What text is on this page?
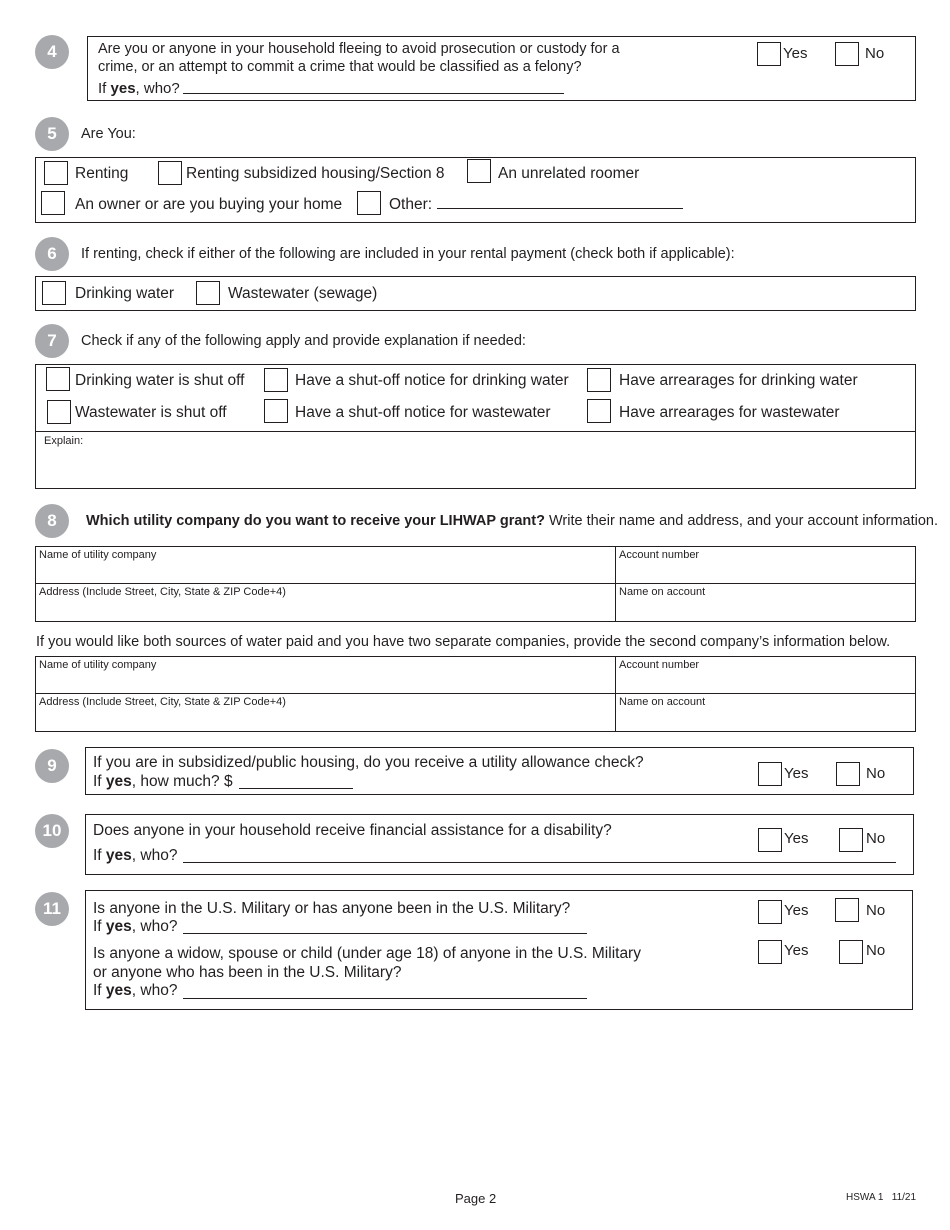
4	Are you or anyone in your household fleeing to avoid prosecution or custody for a
crime, or an attempt to commit a crime that would be classified as a felony?
If yes, who?
Yes	No
5	Are You:
Renting	Renting subsidized housing/Section 8	An unrelated roomer
An owner or are you buying your home	Other:
6	If renting, check if either of the following are included in your rental payment (check both if applicable):
Drinking water	Wastewater (sewage)
7	Check if any of the following apply and provide explanation if needed:
Drinking water is shut off	Have a shut-off notice for drinking water	Have arrearages for drinking water
Wastewater is shut off	Have a shut-off notice for wastewater	Have arrearages for wastewater
Explain:
8	Which utility company do you want to receive your LIHWAP grant? Write their name and address, and your account information.
Name of utility company	Account number
Address (Include Street, City, State & ZIP Code+4)	Name on account
If you would like both sources of water paid and you have two separate companies, provide the second company’s information below.
Name of utility company	Account number
Address (Include Street, City, State & ZIP Code+4)	Name on account
9	If you are in subsidized/public housing, do you receive a utility allowance check?
If yes, how much? $	Yes	No
10	Does anyone in your household receive financial assistance for a disability?
If yes, who?
Yes	No
11	Is anyone in the U.S. Military or has anyone been in the U.S. Military?
If yes, who?
Yes	No
Is anyone a widow, spouse or child (under age 18) of anyone in the U.S. Military
or anyone who has been in the U.S. Military?
If yes, who?
Yes	No
Page 2	HSWA 1   11/21
